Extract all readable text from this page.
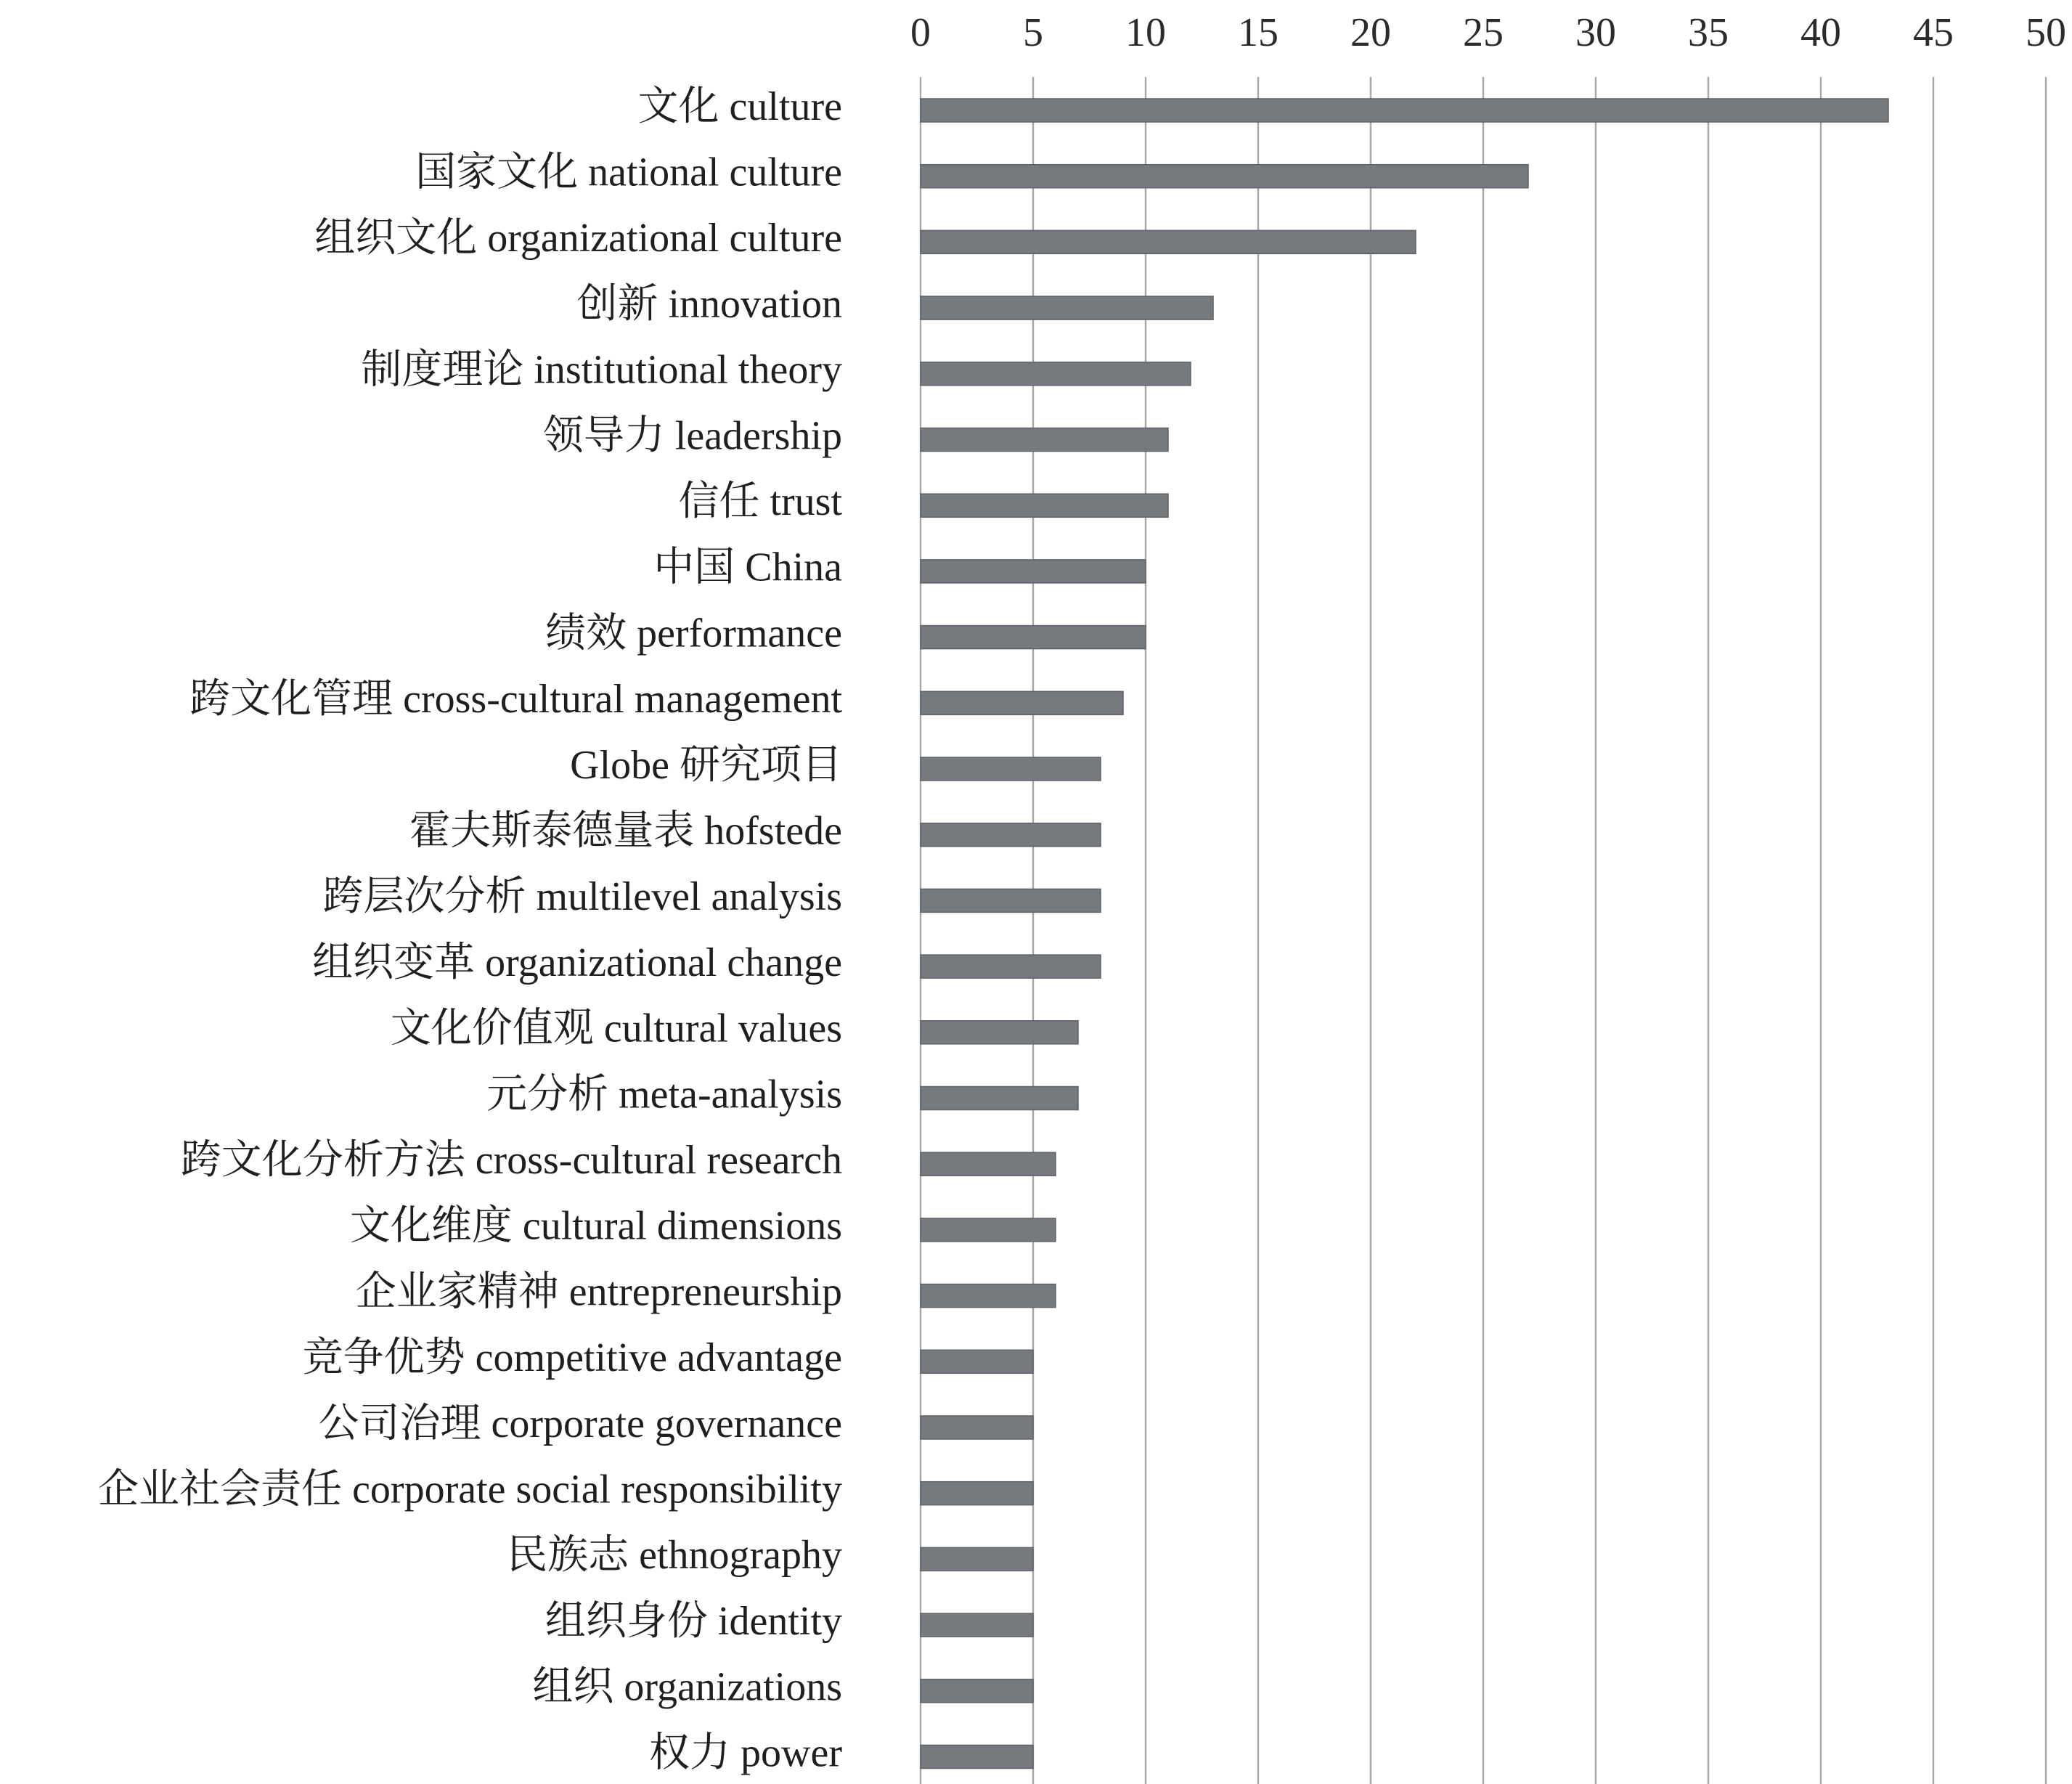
0 5 10 15 20 25 30 35 40 45 50
文化 culture
国家文化 national culture
组织文化 organizational culture
创新 innovation
制度理论 institutional theory
领导力 leadership
信任 trust
中国 China
绩效 performance
跨文化管理 cross-cultural management
Globe 研究项目
霍夫斯泰德量表 hofstede
跨层次分析 multilevel analysis
组织变革 organizational change
文化价值观 cultural values
元分析 meta-analysis
跨文化分析方法 cross-cultural research
文化维度 cultural dimensions
企业家精神 entrepreneurship
竞争优势 competitive advantage
公司治理 corporate governance
企业社会责任 corporate social responsibility
民族志 ethnography
组织身份 identity
组织 organizations
权力 power
